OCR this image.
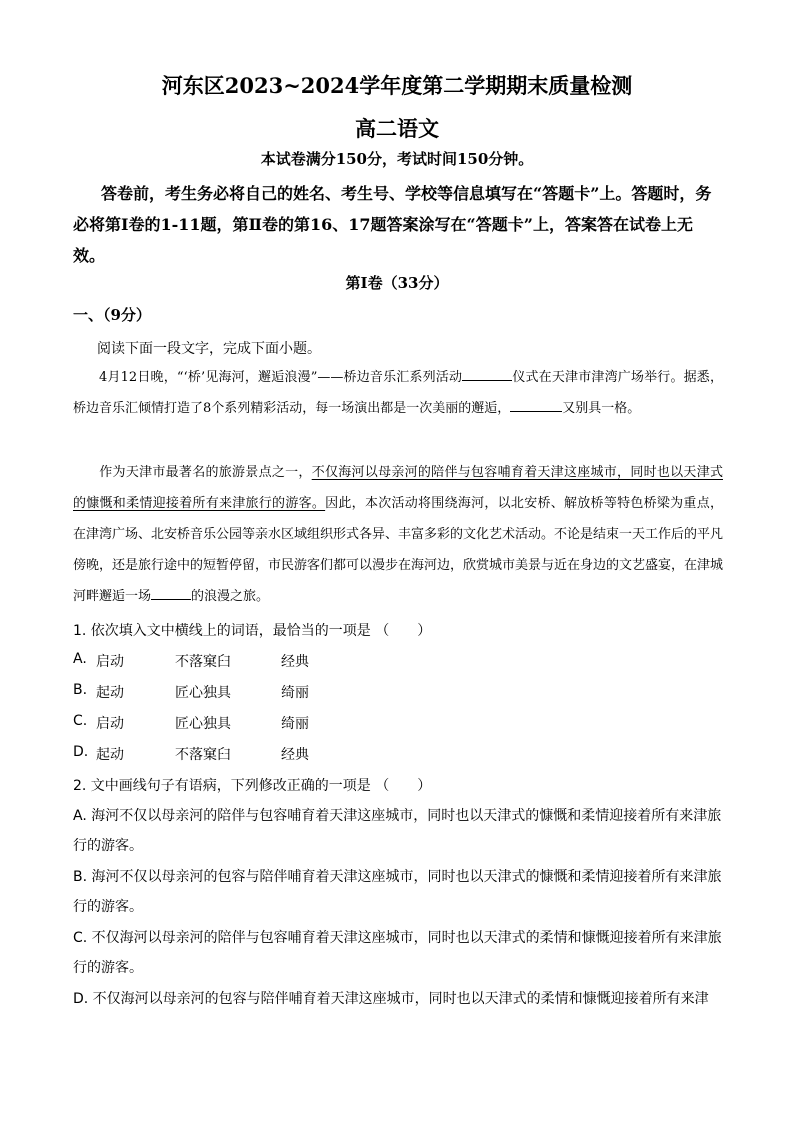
河东区2023~2024学年度第二学期期末质量检测
高二语文
本试卷满分150分，考试时间150分钟。
答卷前，考生务必将自己的姓名、考生号、学校等信息填写在“答题卡”上。答题时，务必将第Ⅰ卷的1-11题，第Ⅱ卷的第16、17题答案涂写在“答题卡”上，答案答在试卷上无效。
第Ⅰ卷（33分）
一、（9分）
阅读下面一段文字，完成下面小题。
4月12日晚，“‘桥’见海河，邂逅浪漫”——桥边音乐汇系列活动	仪式在天津市津湾广场举行。据悉，桥边音乐汇倾情打造了8个系列精彩活动，每一场演出都是一次美丽的邂逅，	又别具一格。
作为天津市最著名的旅游景点之一，不仅海河以母亲河的陪伴与包容哺育着天津这座城市，同时也以天津式的慷慨和柔情迎接着所有来津旅行的游客。因此，本次活动将围绕海河，以北安桥、解放桥等特色桥梁为重点，在津湾广场、北安桥音乐公园等亲水区域组织形式各异、丰富多彩的文化艺术活动。不论是结束一天工作后的平凡傍晚，还是旅行途中的短暂停留，市民游客们都可以漫步在海河边，欣赏城市美景与近在身边的文艺盛宴，在津城河畔邂逅一场	的浪漫之旅。
1. 依次填入文中横线上的词语，最恰当的一项是 （　　）
A. 启动	不落窠臼	经典
B. 起动	匠心独具	绮丽
C. 启动	匠心独具	绮丽
D. 起动	不落窠臼	经典
2. 文中画线句子有语病，下列修改正确的一项是 （　　）
A. 海河不仅以母亲河的陪伴与包容哺育着天津这座城市，同时也以天津式的慷慨和柔情迎接着所有来津旅行的游客。
B. 海河不仅以母亲河的包容与陪伴哺育着天津这座城市，同时也以天津式的慷慨和柔情迎接着所有来津旅行的游客。
C. 不仅海河以母亲河的陪伴与包容哺育着天津这座城市，同时也以天津式的柔情和慷慨迎接着所有来津旅行的游客。
D. 不仅海河以母亲河的包容与陪伴哺育着天津这座城市，同时也以天津式的柔情和慷慨迎接着所有来津
